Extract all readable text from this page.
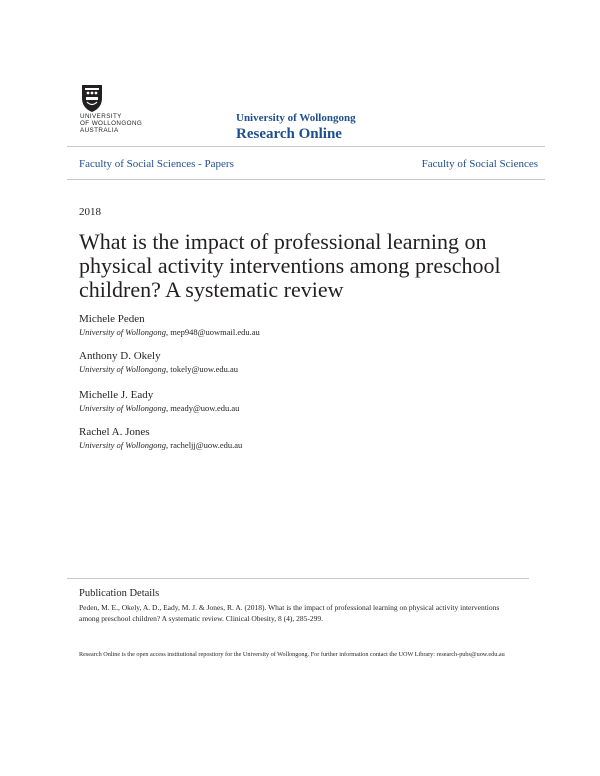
UNIVERSITY
OF WOLLONGONG
AUSTRALIA
University of Wollongong
Research Online
Faculty of Social Sciences - Papers	Faculty of Social Sciences
2018
What is the impact of professional learning on physical activity interventions among preschool children? A systematic review
Michele Peden
University of Wollongong, mep948@uowmail.edu.au
Anthony D. Okely
University of Wollongong, tokely@uow.edu.au
Michelle J. Eady
University of Wollongong, meady@uow.edu.au
Rachel A. Jones
University of Wollongong, racheljj@uow.edu.au
Publication Details
Peden, M. E., Okely, A. D., Eady, M. J. & Jones, R. A. (2018). What is the impact of professional learning on physical activity interventions among preschool children? A systematic review. Clinical Obesity, 8 (4), 285-299.
Research Online is the open access institutional repository for the University of Wollongong. For further information contact the UOW Library: research-pubs@uow.edu.au
